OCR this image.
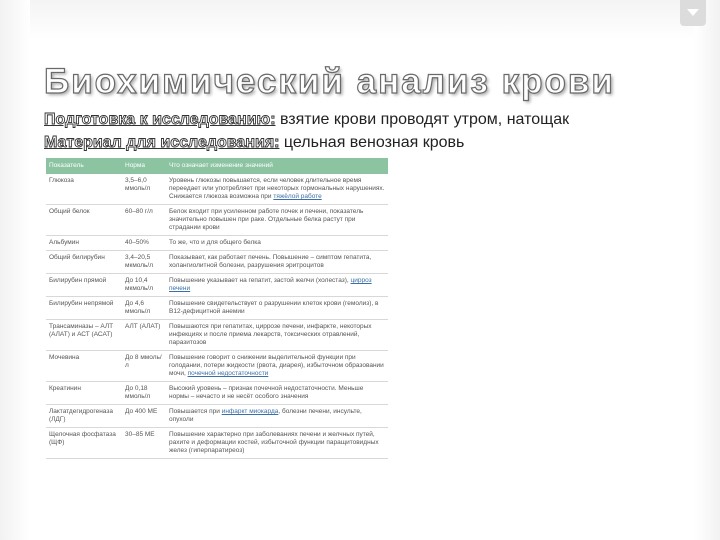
Биохимический анализ крови
Подготовка к исследованию: взятие крови проводят утром, натощак
Материал для исследования: цельная венозная кровь
Показатель	Норма	Что означает изменение значений
Глюкоза	3,5–6,0 ммоль/л	Уровень глюкозы повышается, если человек длительное время переедает или употребляет при некоторых гормональных нарушениях. Снижается глюкоза возможна при тяжёлой работе
Общий белок	60–80 г/л	Белок входит при усиленном работе почек и печени, показатель значительно повышен при раке. Отдельные белка растут при страдании крови
Альбумин	40–50%	То же, что и для общего белка
Общий билирубин	3,4–20,5 мкмоль/л	Показывает, как работает печень. Повышение – симптом гепатита, холангиолитной болезни, разрушения эритроцитов
Билирубин прямой	До 10,4 мкмоль/л	Повышение указывает на гепатит, застой желчи (холестаз), цирроз печени
Билирубин непрямой	До 4,6 ммоль/л	Повышение свидетельствует о разрушении клеток крови (гемолиз), в В12-дефицитной анемии
Трансаминазы – АЛТ (АЛАТ) и АСТ (АСАТ)	АЛТ (АЛАТ)	Повышаются при гепатитах, циррозе печени, инфаркте, некоторых инфекциях и после приема лекарств, токсических отравлений, паразитозов
Мочевина	До 8 ммоль/л	Повышение говорит о снижении выделительной функции при голодании, потери жидкости (рвота, диарея), избыточном образовании мочи, почечной недостаточности
Креатинин	До 0,18 ммоль/л	Высокий уровень – признак почечной недостаточности. Меньше нормы – нечасто и не несёт особого значения
Лактатдегидрогеназа (ЛДГ)	До 400 МЕ	Повышается при инфаркт миокарда, болезни печени, инсульте, опухоли
Щелочная фосфатаза (ЩФ)	30–85 МЕ	Повышение характерно при заболеваниях печени и желчных путей, рахите и деформации костей, избыточной функции паращитовидных желез (гиперпаратиреоз)
